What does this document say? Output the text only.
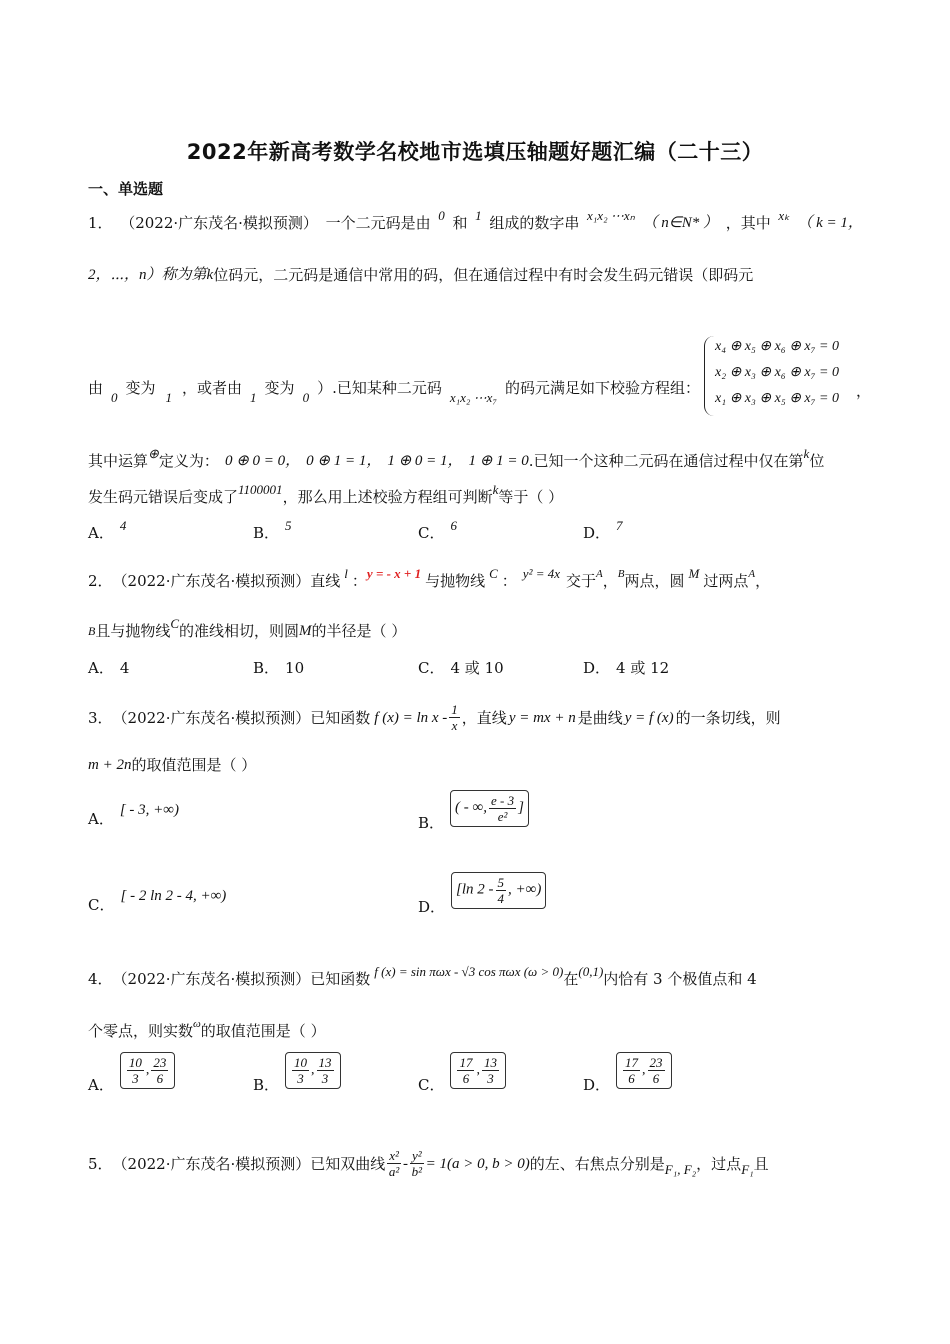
2022年新高考数学名校地市选填压轴题好题汇编（二十三）
一、单选题
1． （2022·广东茂名·模拟预测） 一个二元码是由 0 和 1 组成的数字串 x₁x₂ ⋯xₙ （ n∈N* ） ，其中 xₖ （ k = 1，
2，⋯，n）称为第 k 位码元，二元码是通信中常用的码，但在通信过程中有时会发生码元错误（即码元
由
0
变为
1
，或者由
1
变为
0
）.已知某种二元码
x₁x₂ ⋯x₇
的码元满足如下校验方程组：
x₄ ⊕ x₅ ⊕ x₆ ⊕ x₇ = 0
x₂ ⊕ x₃ ⊕ x₆ ⊕ x₇ = 0
x₁ ⊕ x₃ ⊕ x₅ ⊕ x₇ = 0 ，
其中运算 ⊕ 定义为： 0 ⊕ 0 = 0， 0 ⊕ 1 = 1， 1 ⊕ 0 = 1， 1 ⊕ 1 = 0 .已知一个这种二元码在通信过程中仅在第 k 位
发生码元错误后变成了 1100001 ，那么用上述校验方程组可判断 k 等于（ ）
A． 4	B． 5	C． 6	D． 7
2． （2022·广东茂名·模拟预测） 直线 l ： y = - x + 1 与抛物线 C ： y² = 4x 交于 A ， B 两点，圆 M 过两点 A ，
B 且与抛物线 C 的准线相切，则圆 M 的半径是（ ）
A． 4	B． 10	C． 4 或 10	D． 4 或 12
3． （2022·广东茂名·模拟预测） 已知函数 f $(x) = \ln x - \frac{1}{x}$ ，直线 y = mx + n 是曲线 y = f (x) 的一条切线，则
m + 2n 的取值范围是（ ）
A． [ - 3, +∞)
B．
( - ∞, $\frac{e - 3}{\text{e²}}$ ]
C． [ - 2 ln 2 - 4, +∞)
D．
[ln $2 - \frac{5}{4}$ , +∞)
4． （2022·广东茂名·模拟预测） 已知函数 f (x) = sin πωx - √3 cos πωx (ω > 0) 在 (0,1) 内恰有 3 个极值点和 4
个零点，则实数 ω 的取值范围是（ ）
A． $\frac{10}{3}$ , $\frac{23}{6}$	B． $\frac{10}{3}$ , $\frac{13}{3}$	C． $\frac{17}{6}$ , $\frac{13}{3}$	D． $\frac{17}{6}$ , $\frac{23}{6}$
5． （2022·广东茂名·模拟预测） 已知双曲线 $\frac{\text{x²}}{\text{a²}} - \frac{\text{y²}}{\text{b²}} = 1(a > 0$, b > 0) 的左、右焦点分别是 F₁, F₂ ，过点 F₁ 且
